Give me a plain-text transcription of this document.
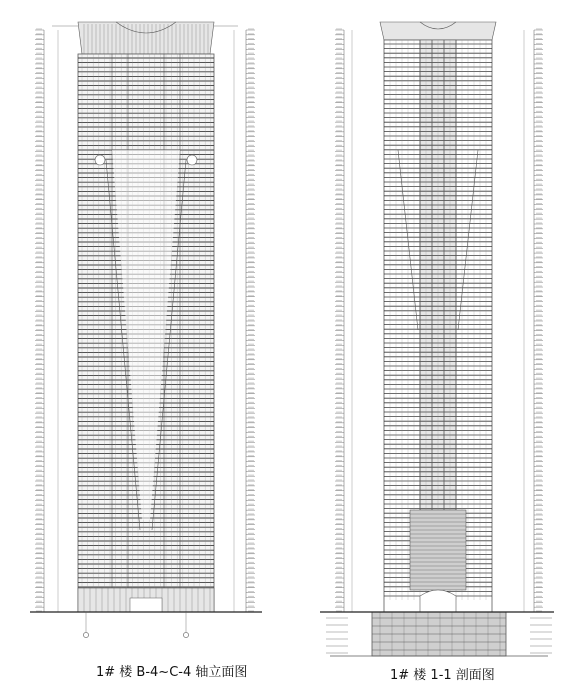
1# 楼 B-4~C-4 轴立面图	1# 楼 1-1 剖面图
